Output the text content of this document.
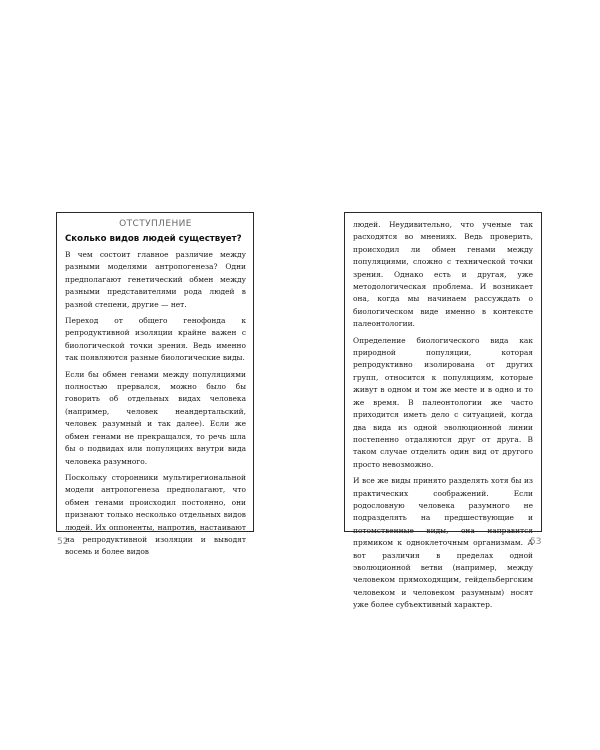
ОТСТУПЛЕНИЕ
Сколько видов людей существует?

В чем состоит главное различие между разными моделями антропогенеза? Одни предполагают генетический обмен между разными представителями рода людей в разной степени, другие — нет.

Переход от общего генофонда к репродуктивной изоляции крайне важен с биологической точки зрения. Ведь именно так появляются разные биологические виды.

Если бы обмен генами между популяциями полностью прервался, можно было бы говорить об отдельных видах человека (например, человек неандертальский, человек разумный и так далее). Если же обмен генами не прекращался, то речь шла бы о подвидах или популяциях внутри вида человека разумного.

Поскольку сторонники мультирегиональной модели антропогенеза предполагают, что обмен генами происходил постоянно, они признают только несколько отдельных видов людей. Их оппоненты, напротив, настаивают на репродуктивной изоляции и выводят восемь и более видов

52

людей. Неудивительно, что ученые так расходятся во мнениях. Ведь проверить, происходил ли обмен генами между популяциями, сложно с технической точки зрения. Однако есть и другая, уже методологическая проблема. И возникает она, когда мы начинаем рассуждать о биологическом виде именно в контексте палеонтологии.

Определение биологического вида как природной популяции, которая репродуктивно изолирована от других групп, относится к популяциям, которые живут в одном и том же месте и в одно и то же время. В палеонтологии же часто приходится иметь дело с ситуацией, когда два вида из одной эволюционной линии постепенно отдаляются друг от друга. В таком случае отделить один вид от другого просто невозможно.

И все же виды принято разделять хотя бы из практических соображений. Если родословную человека разумного не подразделять на предшествующие и потомственные виды, она направится прямиком к одноклеточным организмам. А вот различия в пределах одной эволюционной ветви (например, между человеком прямоходящим, гейдельбергским человеком и человеком разумным) носят уже более субъективный характер.

53
